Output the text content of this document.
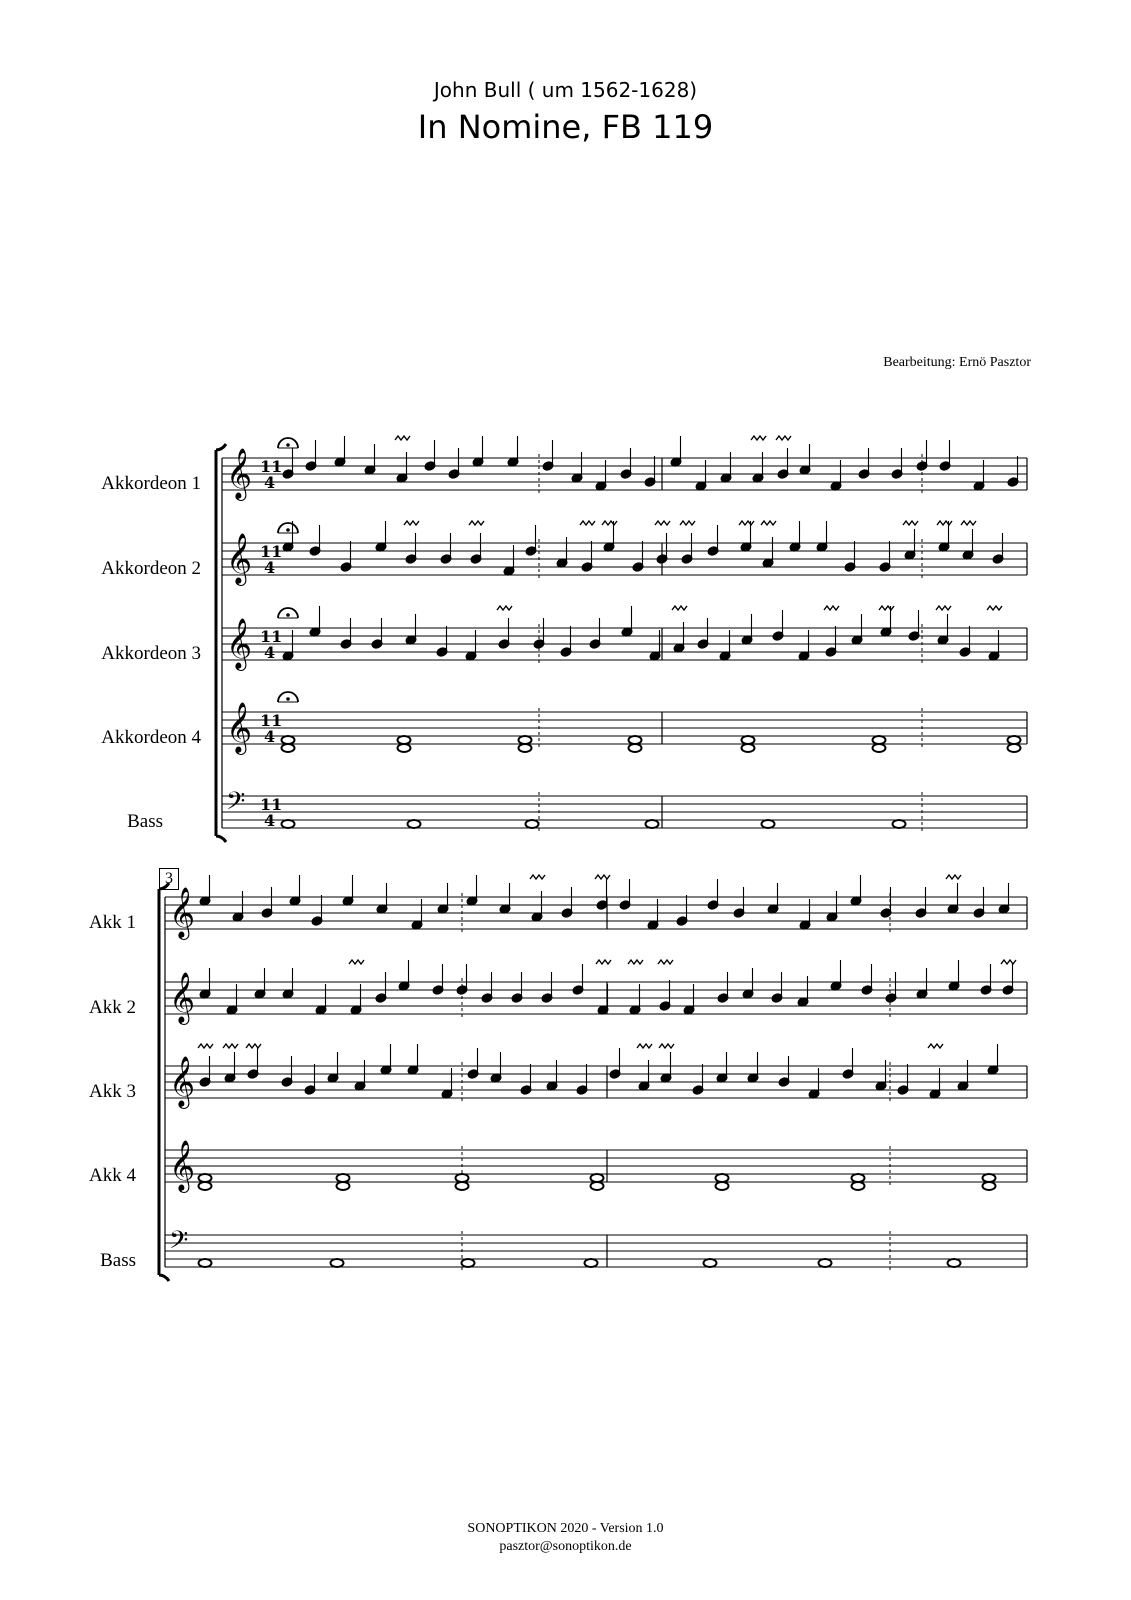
John Bull ( um 1562-1628)
In Nomine, FB 119
Bearbeitung: Ernö Pasztor
Akkordeon 1
Akkordeon 2
Akkordeon 3
Akkordeon 4
Bass
3
Akk 1
Akk 2
Akk 3
Akk 4
Bass
𝄞 11
4
𝄞 11
4
𝄞 11
4
𝄞 11
4
𝄢 11
4
𝄞
𝄞
𝄞
𝄞
𝄢
SONOPTIKON 2020 - Version 1.0
pasztor@sonoptikon.de
